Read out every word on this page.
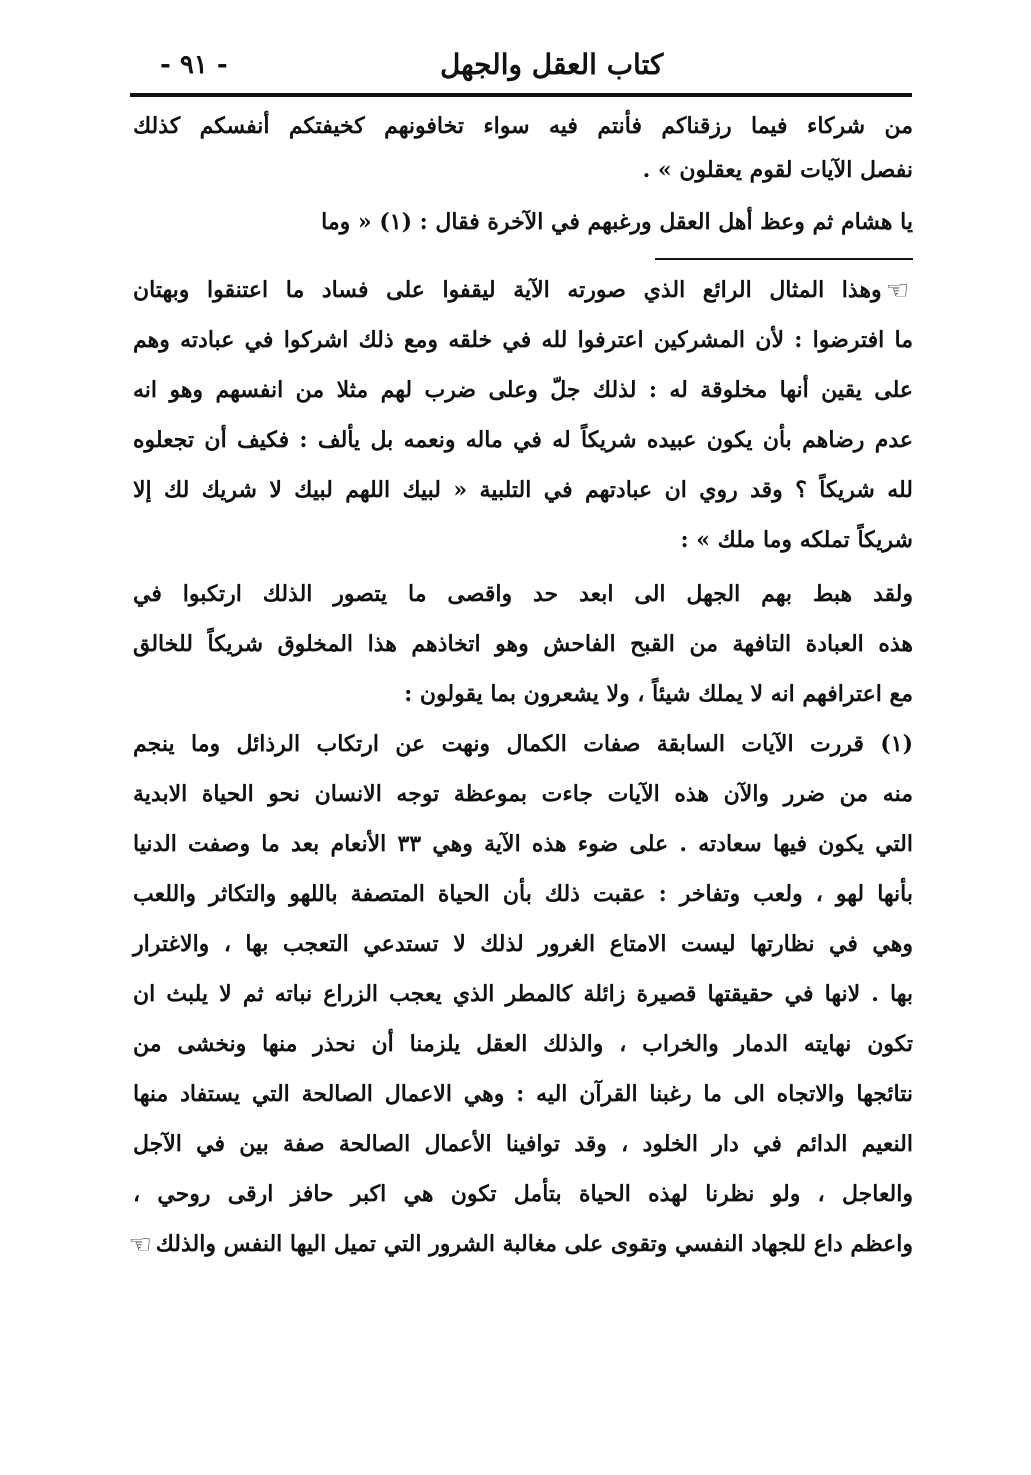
- ٩١ -	كتاب العقل والجهل
من شركاء فيما رزقناكم فأنتم فيه سواء تخافونهم كخيفتكم أنفسكم كذلك
نفصل الآيات لقوم يعقلون » .
يا هشام ثم وعظ أهل العقل ورغبهم في الآخرة فقال : (١) « وما
☜وهذا المثال الرائع الذي صورته الآية ليقفوا على فساد ما اعتنقوا وبهتان
ما افترضوا : لأن المشركين اعترفوا لله في خلقه ومع ذلك اشركوا في عبادته وهم
على يقين أنها مخلوقة له : لذلك جلّ وعلى ضرب لهم مثلا من انفسهم وهو انه
عدم رضاهم بأن يكون عبيده شريكاً له في ماله ونعمه بل يألف : فكيف أن تجعلوه
لله شريكاً ؟ وقد روي ان عبادتهم في التلبية « لبيك اللهم لبيك لا شريك لك إلا
شريكاً تملكه وما ملك » :
ولقد هبط بهم الجهل الى ابعد حد واقصى ما يتصور الذلك ارتكبوا في
هذه العبادة التافهة من القبح الفاحش وهو اتخاذهم هذا المخلوق شريكاً للخالق
مع اعترافهم انه لا يملك شيئاً ، ولا يشعرون بما يقولون :
(١) قررت الآيات السابقة صفات الكمال ونهت عن ارتكاب الرذائل وما ينجم
منه من ضرر والآن هذه الآيات جاءت بموعظة توجه الانسان نحو الحياة الابدية
التي يكون فيها سعادته . على ضوء هذه الآية وهي ٣٣ الأنعام بعد ما وصفت الدنيا
بأنها لهو ، ولعب وتفاخر : عقبت ذلك بأن الحياة المتصفة باللهو والتكاثر واللعب
وهي في نظارتها ليست الامتاع الغرور لذلك لا تستدعي التعجب بها ، والاغترار
بها . لانها في حقيقتها قصيرة زائلة كالمطر الذي يعجب الزراع نباته ثم لا يلبث ان
تكون نهايته الدمار والخراب ، والذلك العقل يلزمنا أن نحذر منها ونخشى من
نتائجها والاتجاه الى ما رغبنا القرآن اليه : وهي الاعمال الصالحة التي يستفاد منها
النعيم الدائم في دار الخلود ، وقد توافينا الأعمال الصالحة صفة بين في الآجل
والعاجل ، ولو نظرنا لهذه الحياة بتأمل تكون هي اكبر حافز ارقى روحي ،
واعظم داع للجهاد النفسي وتقوى على مغالبة الشرور التي تميل اليها النفس والذلك☜
